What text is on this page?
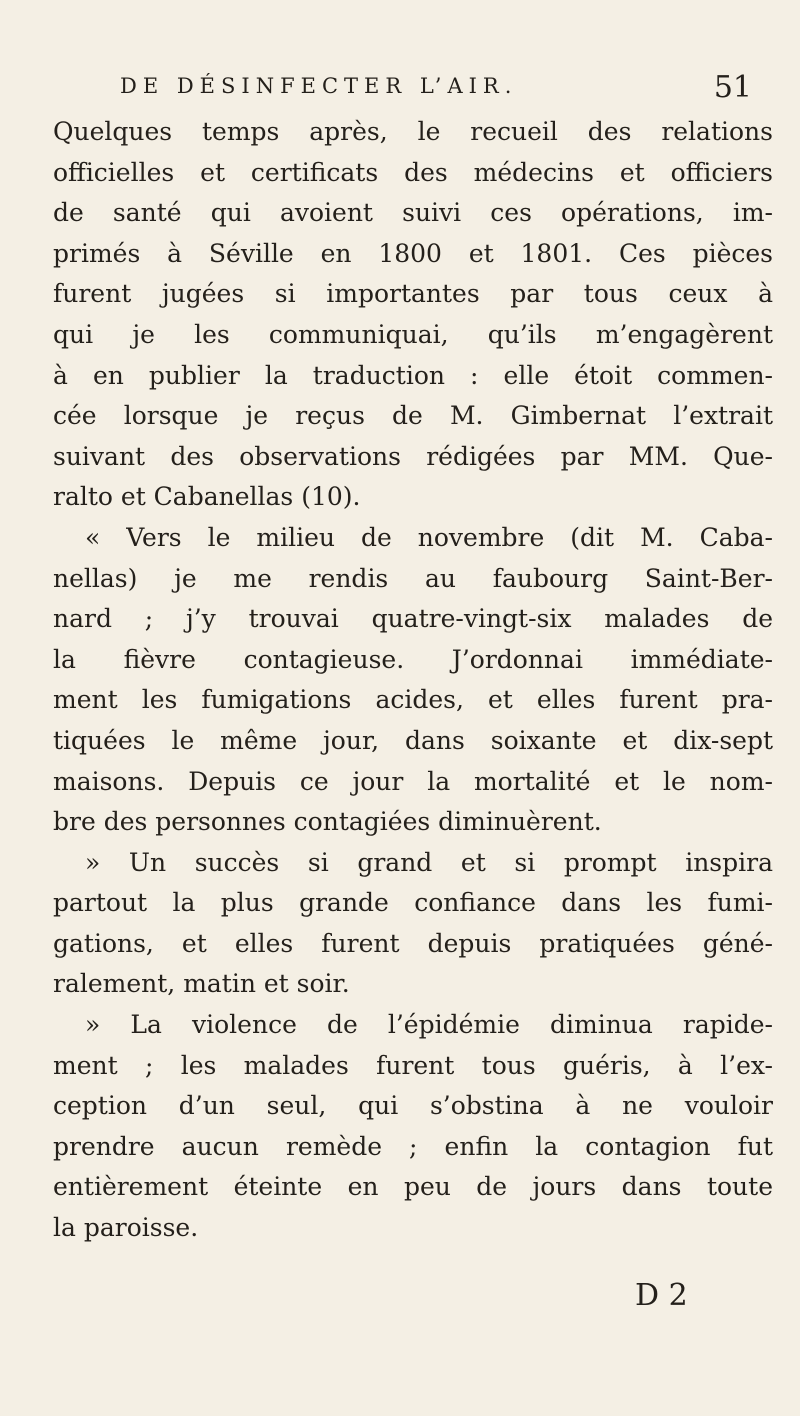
DE DÉSINFECTER L’AIR.	51
Quelques temps après, le recueil des relations
officielles et certificats des médecins et officiers
de santé qui avoient suivi ces opérations, im-
primés à Séville en 1800 et 1801. Ces pièces
furent jugées si importantes par tous ceux à
qui je les communiquai, qu’ils m’engagèrent
à en publier la traduction : elle étoit commen-
cée lorsque je reçus de M. Gimbernat l’extrait
suivant des observations rédigées par MM. Que-
ralto et Cabanellas (10).
« Vers le milieu de novembre (dit M. Caba-
nellas) je me rendis au faubourg Saint-Ber-
nard ; j’y trouvai quatre-vingt-six malades de
la fièvre contagieuse. J’ordonnai immédiate-
ment les fumigations acides, et elles furent pra-
tiquées le même jour, dans soixante et dix-sept
maisons. Depuis ce jour la mortalité et le nom-
bre des personnes contagiées diminuèrent.
» Un succès si grand et si prompt inspira
partout la plus grande confiance dans les fumi-
gations, et elles furent depuis pratiquées géné-
ralement, matin et soir.
» La violence de l’épidémie diminua rapide-
ment ; les malades furent tous guéris, à l’ex-
ception d’un seul, qui s’obstina à ne vouloir
prendre aucun remède ; enfin la contagion fut
entièrement éteinte en peu de jours dans toute
la paroisse.
D 2
